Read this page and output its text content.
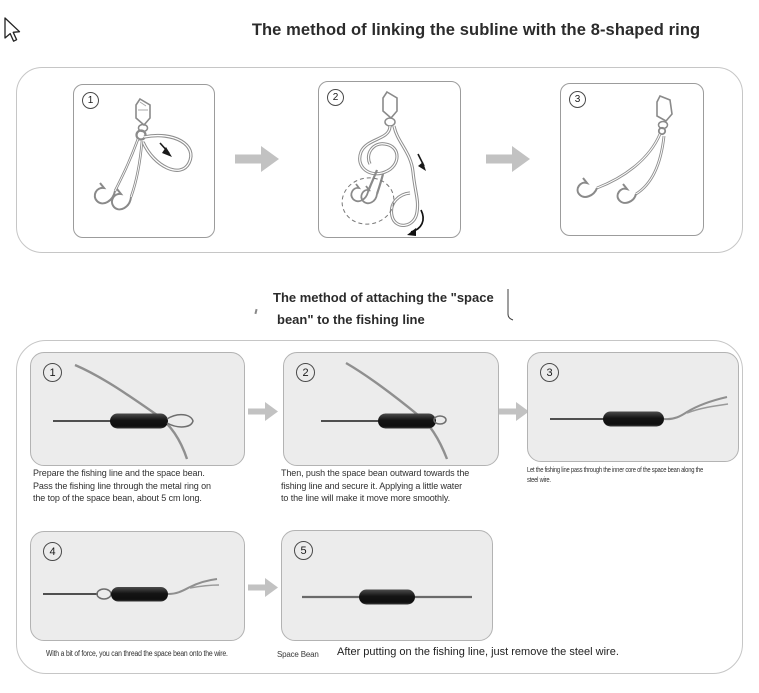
The method of linking the subline with the 8-shaped ring
1	2	3
The method of attaching the "space
bean" to the fishing line
1	2	3
Prepare the fishing line and the space bean.
Pass the fishing line through the metal ring on
the top of the space bean, about 5 cm long.
Then, push the space bean outward towards the
fishing line and secure it. Applying a little water
to the line will make it move more smoothly.
Let the fishing line pass through the inner core of the space bean along the
steel wire.
4	5
With a bit of force, you can thread the space bean onto the wire.	Space Bean After putting on the fishing line, just remove the steel wire.
